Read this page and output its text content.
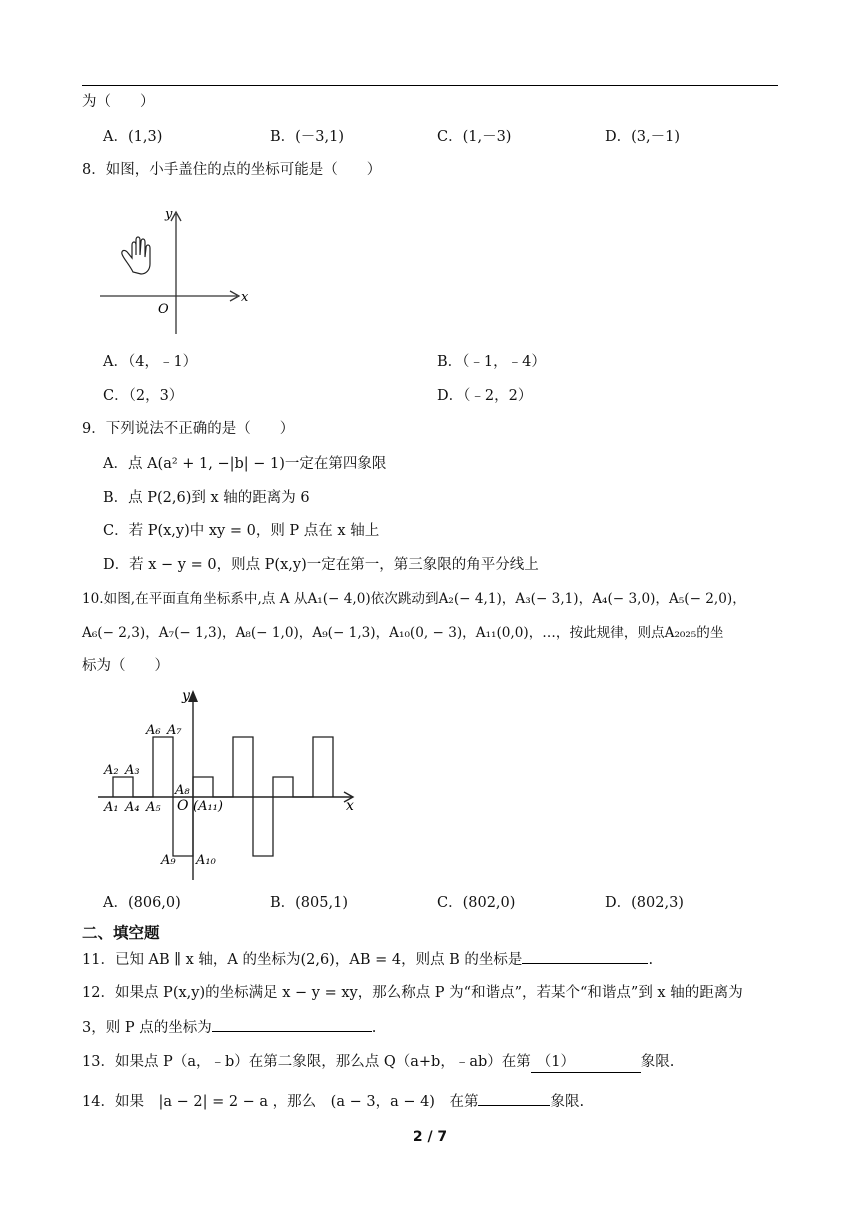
为（　　）
A．(1,3)	B．(－3,1)	C．(1,－3)	D．(3,－1)
8．如图，小手盖住的点的坐标可能是（　　）
y
x
O
A．（4，﹣1）	B．（﹣1，﹣4）
C．（2，3）	D．（﹣2，2）
9．下列说法不正确的是（　　）
A．点 A(a² + 1, −|b| − 1)一定在第四象限
B．点 P(2,6)到 x 轴的距离为 6
C．若 P(x,y)中 xy = 0，则 P 点在 x 轴上
D．若 x − y = 0，则点 P(x,y)一定在第一，第三象限的角平分线上
10.如图,在平面直角坐标系中,点 A 从A₁(− 4,0)依次跳动到A₂(− 4,1)，A₃(− 3,1)，A₄(− 3,0)，A₅(− 2,0)，
A₆(− 2,3)，A₇(− 1,3)，A₈(− 1,0)，A₉(− 1,3)，A₁₀(0, − 3)，A₁₁(0,0)，…，按此规律，则点A₂₀₂₅的坐
标为（　　）
y
x
O
A₁
A₂ A₃
A₄ A₅
A₆ A₇
A₈
A₉ A₁₀
(A₁₁)
A．(806,0)	B．(805,1)	C．(802,0)	D．(802,3)
二、填空题
11．已知 AB ∥ x 轴，A 的坐标为(2,6)，AB = 4，则点 B 的坐标是	.
12．如果点 P(x,y)的坐标满足 x − y = xy，那么称点 P 为“和谐点”，若某个“和谐点”到 x 轴的距离为
3，则 P 点的坐标为	.
13．如果点 P（a，﹣b）在第二象限，那么点 Q（a+b，﹣ab）在第 （1）	象限.
14．如果　|a − 2| = 2 − a ，那么　(a − 3，a − 4)　在第	象限.
2 / 7
